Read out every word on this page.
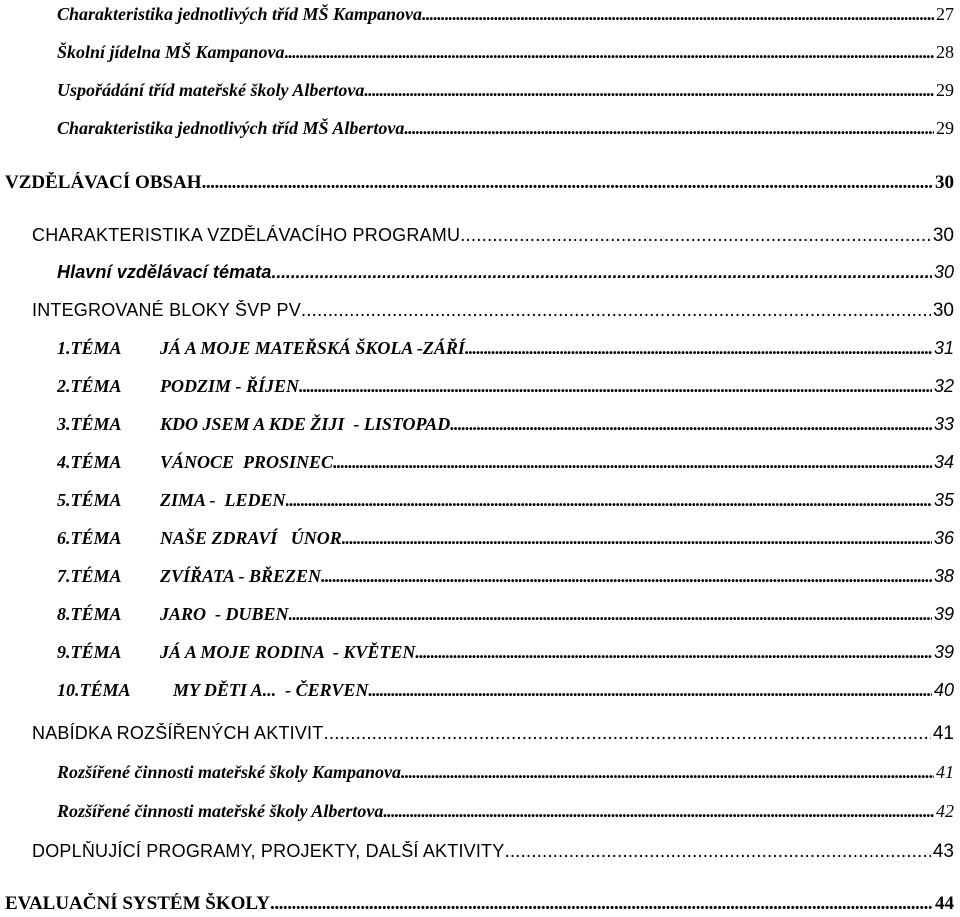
Charakteristika jednotlivých tříd MŠ Kampanova . . .	27
Školní jídelna MŠ Kampanova . . .	28
Uspořádání tříd mateřské školy Albertova . . .	29
Charakteristika jednotlivých tříd MŠ Albertova . . .	29
VZDĚLÁVACÍ OBSAH . . .	30
CHARAKTERISTIKA VZDĚLÁVACÍHO PROGRAMU . . .	30
Hlavní vzdělávací témata . . .	30
INTEGROVANÉ BLOKY ŠVP PV . . .	30
1.TÉMA JÁ A MOJE MATEŘSKÁ ŠKOLA -ZÁŘÍ . . .	31
2.TÉMA PODZIM - ŘÍJEN . . .	32
3.TÉMA KDO JSEM A KDE ŽIJI  - LISTOPAD . . .	33
4.TÉMA VÁNOCE  PROSINEC . . .	34
5.TÉMA ZIMA -  LEDEN . . .	35
6.TÉMA NAŠE ZDRAVÍ   ÚNOR . . .	36
7.TÉMA ZVÍŘATA - BŘEZEN . . .	38
8.TÉMA JARO  - DUBEN . . .	39
9.TÉMA JÁ A MOJE RODINA  - KVĚTEN . . .	39
10.TÉMA MY DĚTI A...  - ČERVEN . . .	40
NABÍDKA ROZŠÍŘENÝCH AKTIVIT . . .	41
Rozšířené činnosti mateřské školy Kampanova . . .	41
Rozšířené činnosti mateřské školy Albertova . . .	42
DOPLŇUJÍCÍ PROGRAMY, PROJEKTY, DALŠÍ AKTIVITY . . .	43
EVALUAČNÍ SYSTÉM ŠKOLY . . .	44
